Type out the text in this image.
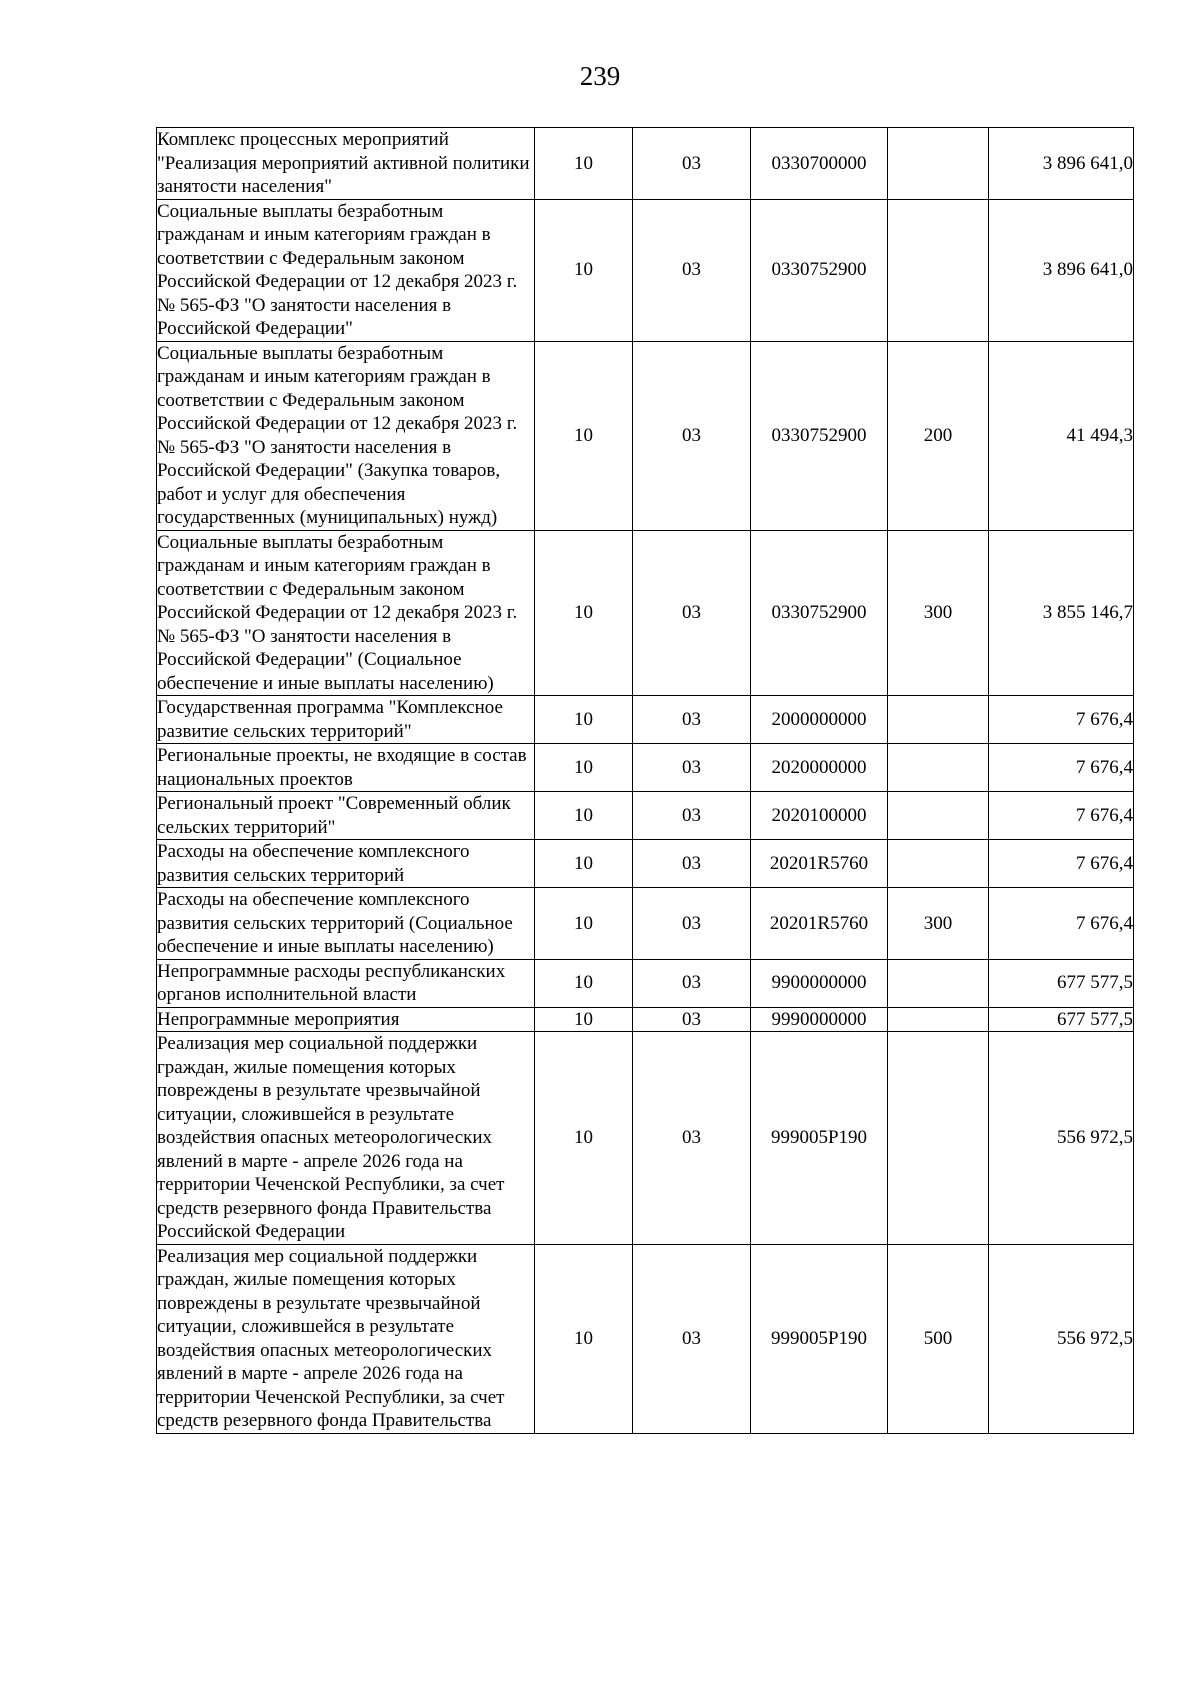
239
Комплекс процессных мероприятий "Реализация мероприятий активной политики занятости населения"	10	03	0330700000		3 896 641,0
Социальные выплаты безработным гражданам и иным категориям граждан в соответствии с Федеральным законом Российской Федерации от 12 декабря 2023 г. № 565-ФЗ "О занятости населения в Российской Федерации"	10	03	0330752900		3 896 641,0
Социальные выплаты безработным гражданам и иным категориям граждан в соответствии с Федеральным законом Российской Федерации от 12 декабря 2023 г. № 565-ФЗ "О занятости населения в Российской Федерации" (Закупка товаров, работ и услуг для обеспечения государственных (муниципальных) нужд)	10	03	0330752900	200	41 494,3
Социальные выплаты безработным гражданам и иным категориям граждан в соответствии с Федеральным законом Российской Федерации от 12 декабря 2023 г. № 565-ФЗ "О занятости населения в Российской Федерации" (Социальное обеспечение и иные выплаты населению)	10	03	0330752900	300	3 855 146,7
Государственная программа "Комплексное развитие сельских территорий"	10	03	2000000000		7 676,4
Региональные проекты, не входящие в состав национальных проектов	10	03	2020000000		7 676,4
Региональный проект "Современный облик сельских территорий"	10	03	2020100000		7 676,4
Расходы на обеспечение комплексного развития сельских территорий	10	03	20201R5760		7 676,4
Расходы на обеспечение комплексного развития сельских территорий (Социальное обеспечение и иные выплаты населению)	10	03	20201R5760	300	7 676,4
Непрограммные расходы республиканских органов исполнительной власти	10	03	9900000000		677 577,5
Непрограммные мероприятия	10	03	9990000000		677 577,5
Реализация мер социальной поддержки граждан, жилые помещения которых повреждены в результате чрезвычайной ситуации, сложившейся в результате воздействия опасных метеорологических явлений в марте - апреле 2026 года на территории Чеченской Республики, за счет средств резервного фонда Правительства Российской Федерации	10	03	999005Р190		556 972,5
Реализация мер социальной поддержки граждан, жилые помещения которых повреждены в результате чрезвычайной ситуации, сложившейся в результате воздействия опасных метеорологических явлений в марте - апреле 2026 года на территории Чеченской Республики, за счет средств резервного фонда Правительства	10	03	999005Р190	500	556 972,5
